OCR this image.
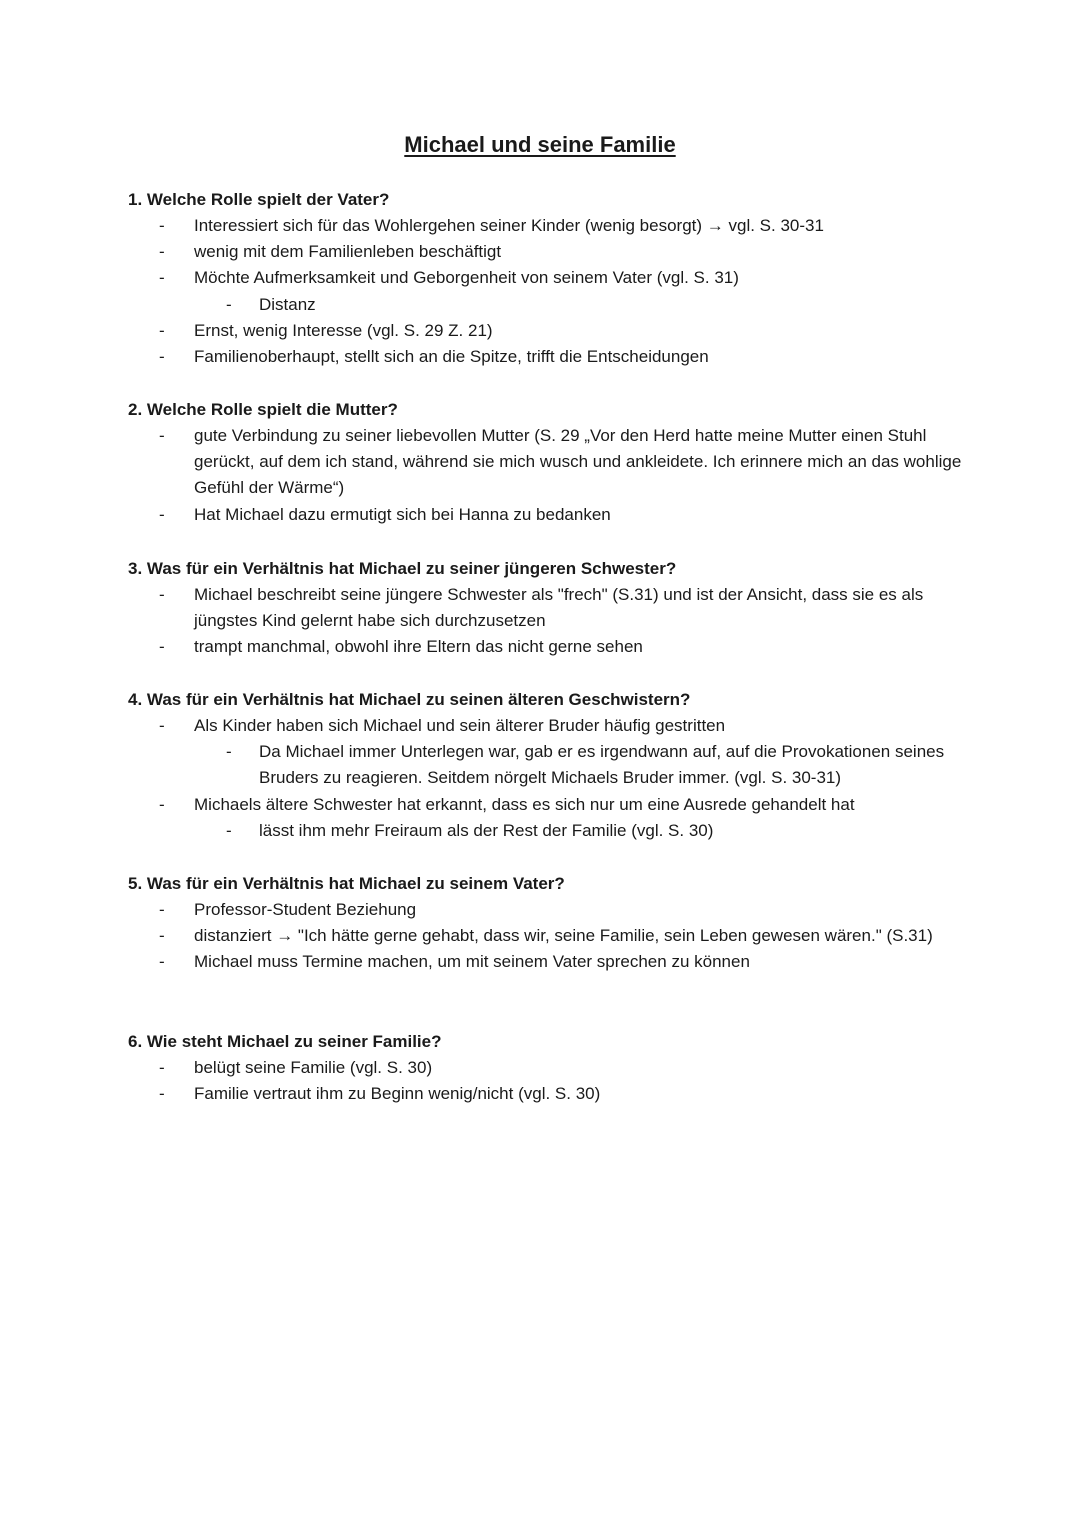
Michael und seine Familie

1. Welche Rolle spielt der Vater?

- Interessiert sich für das Wohlergehen seiner Kinder (wenig besorgt) → vgl. S. 30-31
- wenig mit dem Familienleben beschäftigt
- Möchte Aufmerksamkeit und Geborgenheit von seinem Vater (vgl. S. 31)
- Distanz
- Ernst, wenig Interesse (vgl. S. 29 Z. 21)
- Familienoberhaupt, stellt sich an die Spitze, trifft die Entscheidungen

2. Welche Rolle spielt die Mutter?

- gute Verbindung zu seiner liebevollen Mutter (S. 29 „Vor den Herd hatte meine Mutter einen Stuhl gerückt, auf dem ich stand, während sie mich wusch und ankleidete. Ich erinnere mich an das wohlige Gefühl der Wärme“)
- Hat Michael dazu ermutigt sich bei Hanna zu bedanken

3. Was für ein Verhältnis hat Michael zu seiner jüngeren Schwester?

- Michael beschreibt seine jüngere Schwester als "frech" (S.31) und ist der Ansicht, dass sie es als jüngstes Kind gelernt habe sich durchzusetzen
- trampt manchmal, obwohl ihre Eltern das nicht gerne sehen

4. Was für ein Verhältnis hat Michael zu seinen älteren Geschwistern?

- Als Kinder haben sich Michael und sein älterer Bruder häufig gestritten
- Da Michael immer Unterlegen war, gab er es irgendwann auf, auf die Provokationen seines Bruders zu reagieren. Seitdem nörgelt Michaels Bruder immer. (vgl. S. 30-31)
- Michaels ältere Schwester hat erkannt, dass es sich nur um eine Ausrede gehandelt hat
- lässt ihm mehr Freiraum als der Rest der Familie (vgl. S. 30)

5. Was für ein Verhältnis hat Michael zu seinem Vater?

- Professor-Student Beziehung
- distanziert → "Ich hätte gerne gehabt, dass wir, seine Familie, sein Leben gewesen wären." (S.31)
- Michael muss Termine machen, um mit seinem Vater sprechen zu können

6. Wie steht Michael zu seiner Familie?

- belügt seine Familie (vgl. S. 30)
- Familie vertraut ihm zu Beginn wenig/nicht (vgl. S. 30)
